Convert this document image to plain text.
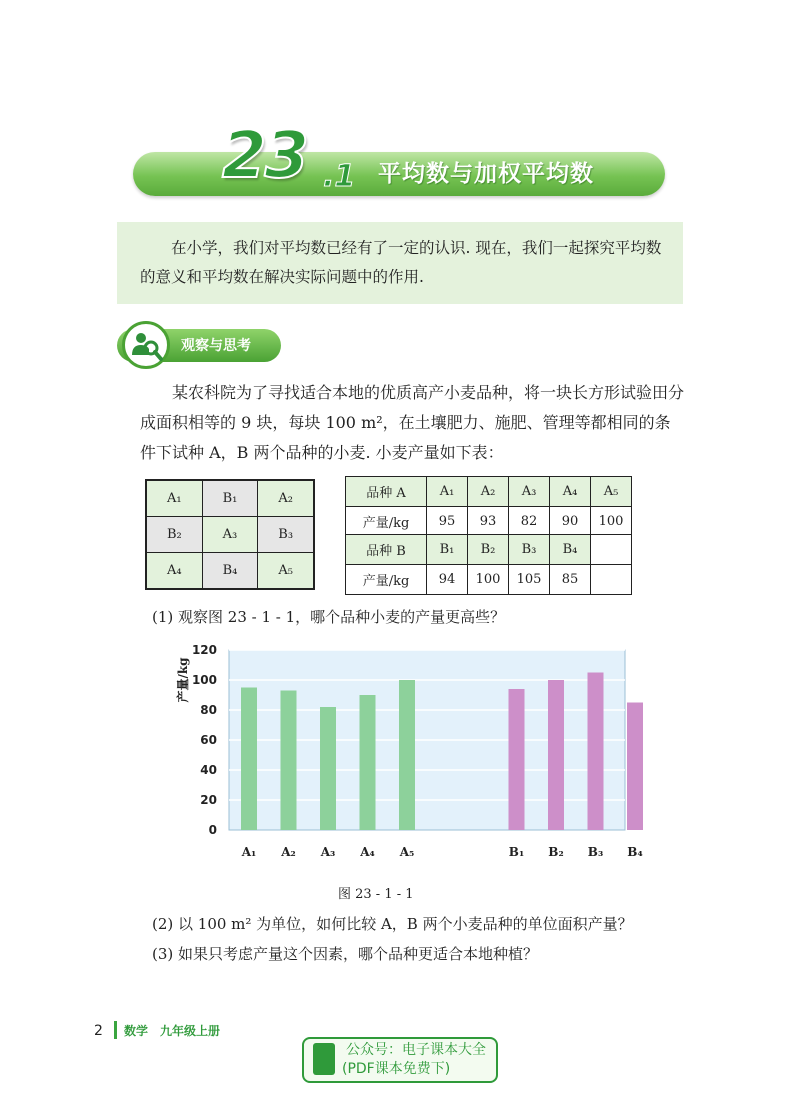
23 .1 平均数与加权平均数
在小学，我们对平均数已经有了一定的认识. 现在，我们一起探究平均数的意义和平均数在解决实际问题中的作用.
观察与思考
某农科院为了寻找适合本地的优质高产小麦品种，将一块长方形试验田分成面积相等的 9 块，每块 100 m²，在土壤肥力、施肥、管理等都相同的条件下试种 A，B 两个品种的小麦. 小麦产量如下表：
A₁	B₁	A₂
B₂	A₃	B₃
A₄	B₄	A₅
品种 A	A₁	A₂	A₃	A₄	A₅
产量/kg	95	93	82	90	100
品种 B	B₁	B₂	B₃	B₄	
产量/kg	94	100	105	85	
(1) 观察图 23 - 1 - 1，哪个品种小麦的产量更高些？
0
20
40
60
80
100
120
A₁ A₂ A₃ A₄ A₅	B₁ B₂ B₃ B₄
产量/kg
图 23 - 1 - 1
(2) 以 100 m² 为单位，如何比较 A，B 两个小麦品种的单位面积产量？
(3) 如果只考虑产量这个因素，哪个品种更适合本地种植？
2 数学　九年级上册
公众号：电子课本大全
(PDF课本免费下)
